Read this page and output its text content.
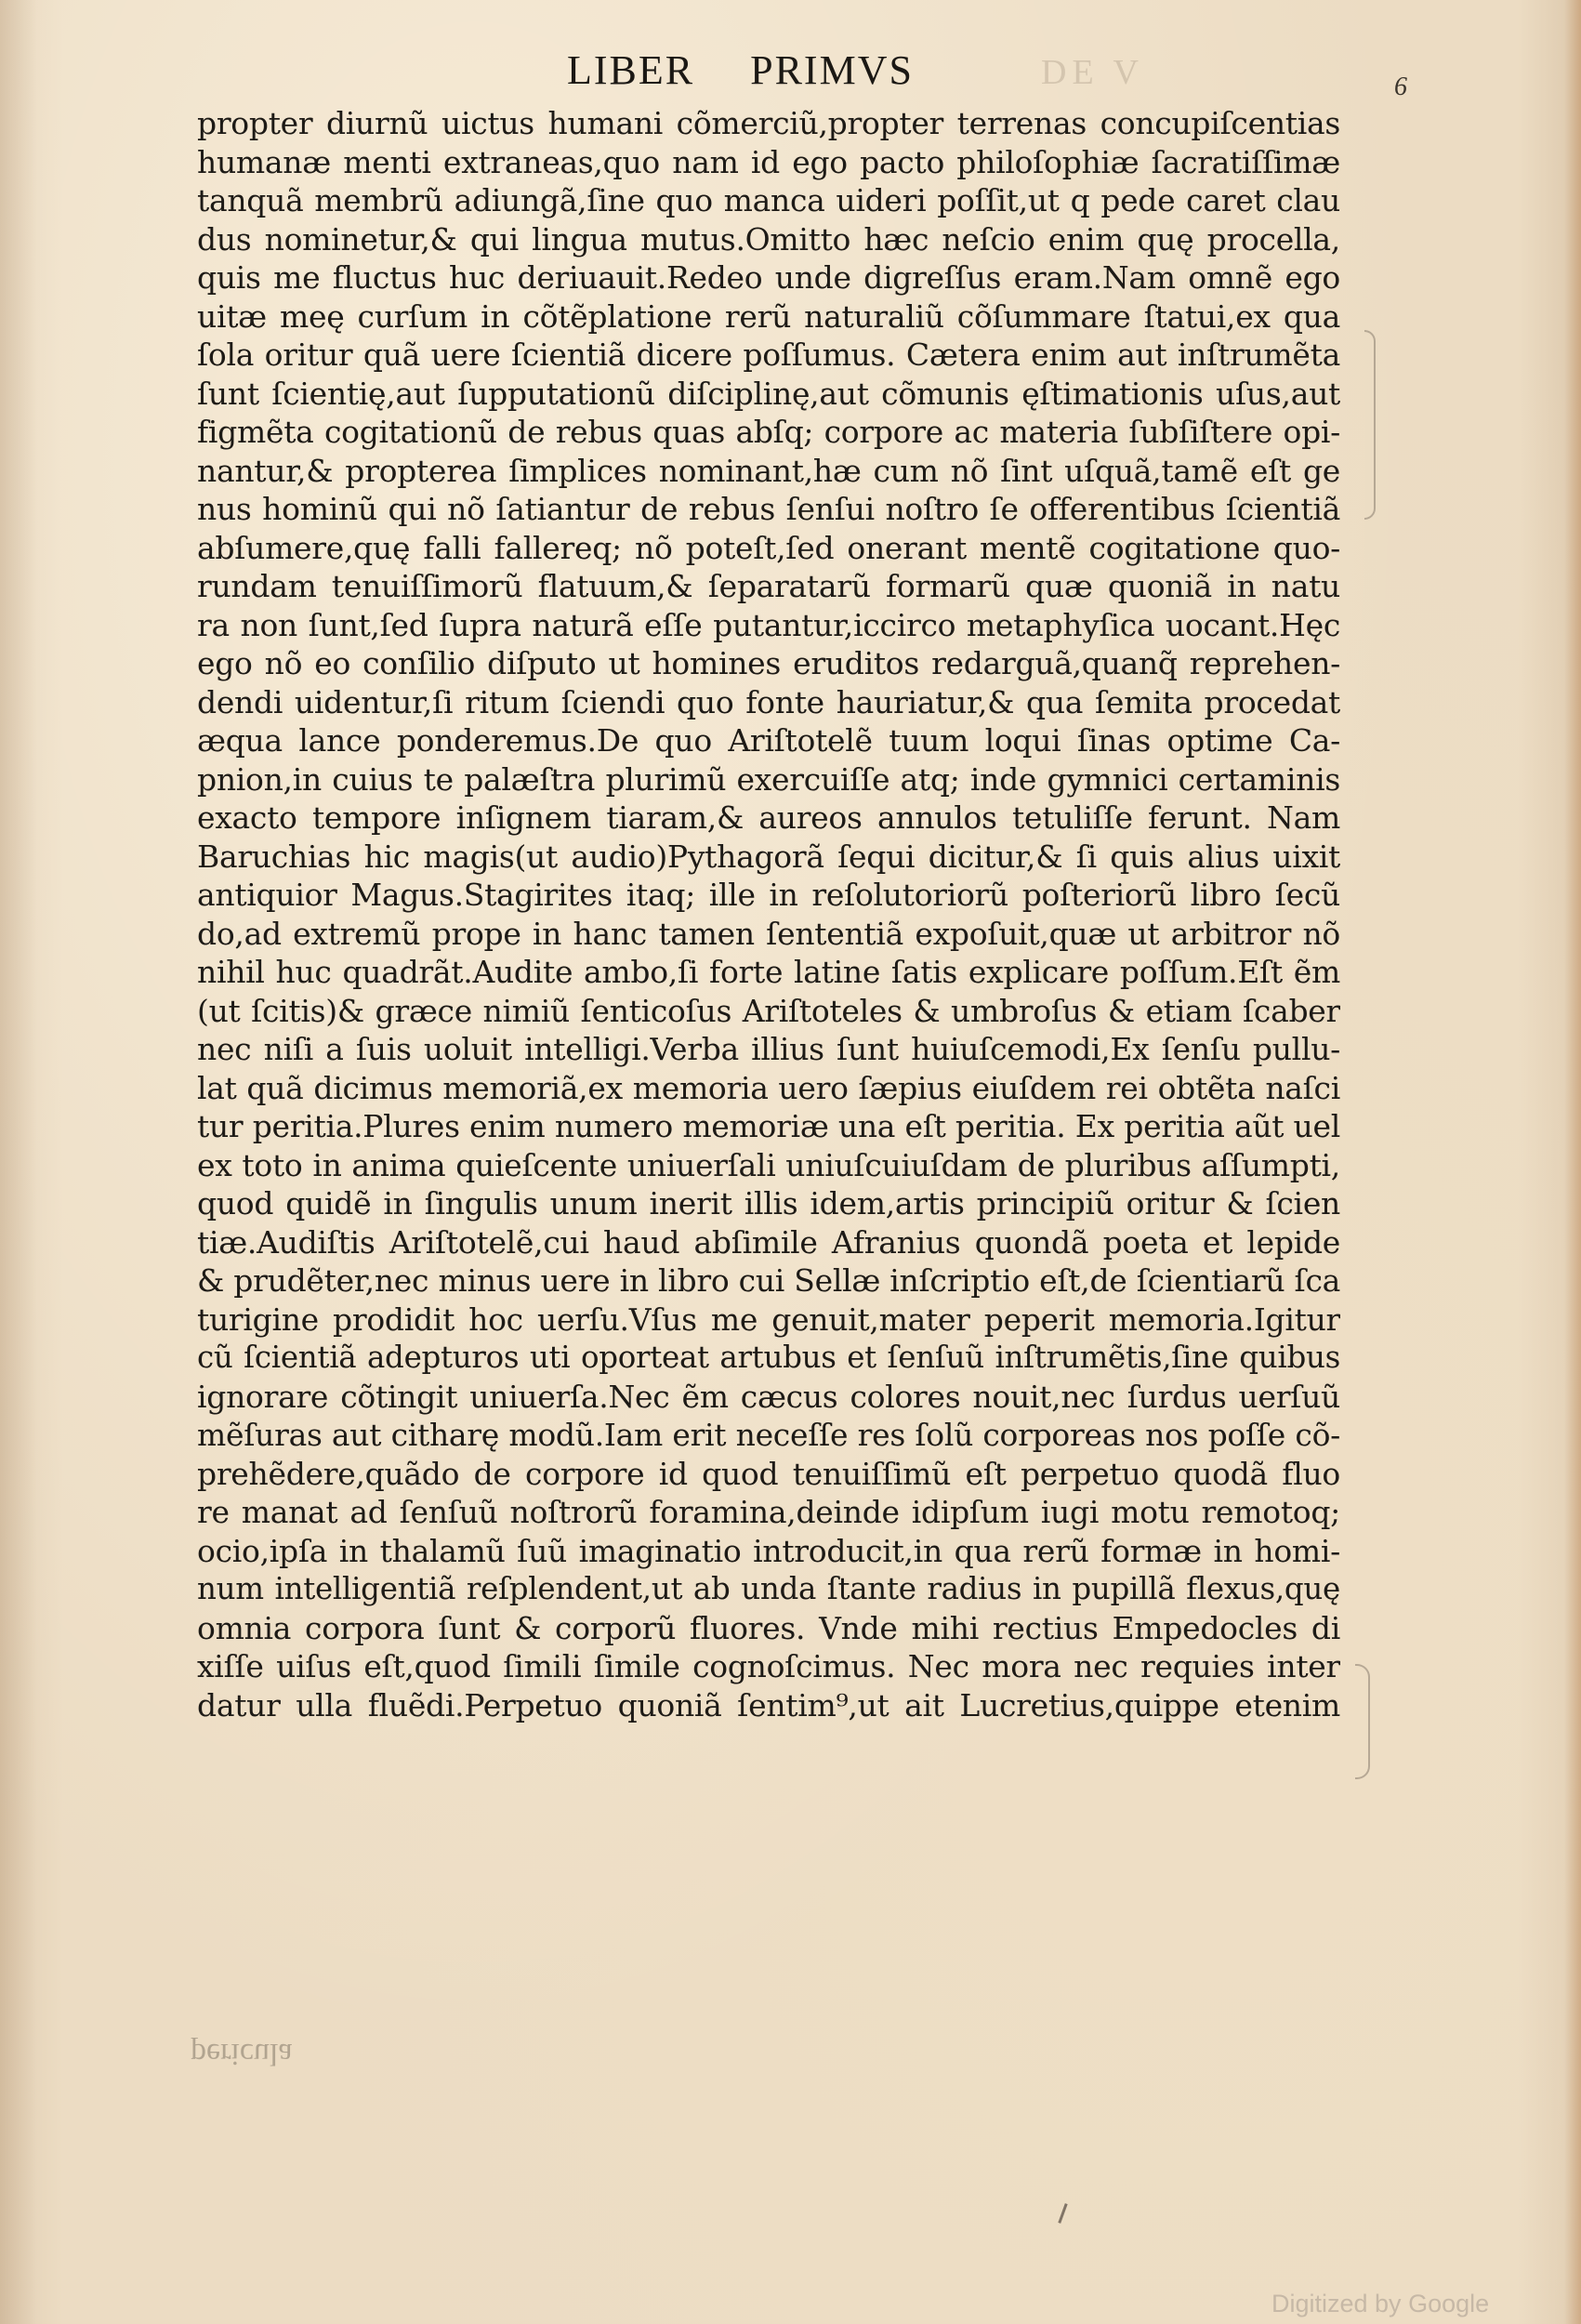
LIBER PRIMVS	DE V	6
propter diurnũ uictus humani cõmerciũ,propter terrenas concupiſcentias
humanæ menti extraneas,quo nam id ego pacto philoſophiæ ſacratiſſimæ
tanquã membrũ adiungã,ſine quo manca uideri poſſit,ut q pede caret clau
dus nominetur,& qui lingua mutus.Omitto hæc neſcio enim quę procella,
quis me fluctus huc deriuauit.Redeo unde digreſſus eram.Nam omnẽ ego
uitæ meę curſum in cõtẽplatione rerũ naturaliũ cõſummare ſtatui,ex qua
ſola oritur quã uere ſcientiã dicere poſſumus. Cætera enim aut inſtrumẽta
ſunt ſcientię,aut ſupputationũ diſciplinę,aut cõmunis ęſtimationis uſus,aut
figmẽta cogitationũ de rebus quas abſq; corpore ac materia ſubſiſtere opi-
nantur,& propterea ſimplices nominant,hæ cum nõ ſint uſquã,tamẽ eſt ge
nus hominũ qui nõ ſatiantur de rebus ſenſui noſtro ſe offerentibus ſcientiã
abſumere,quę falli fallereq; nõ poteſt,ſed onerant mentẽ cogitatione quo-
rundam tenuiſſimorũ flatuum,& ſeparatarũ formarũ quæ quoniã in natu
ra non ſunt,ſed ſupra naturã eſſe putantur,iccirco metaphyſica uocant.Hęc
ego nõ eo conſilio diſputo ut homines eruditos redarguã,quanq̃ reprehen-
dendi uidentur,ſi ritum ſciendi quo fonte hauriatur,& qua ſemita procedat
æqua lance ponderemus.De quo Ariſtotelẽ tuum loqui ſinas optime Ca-
pnion,in cuius te palæſtra plurimũ exercuiſſe atq; inde gymnici certaminis
exacto tempore inſignem tiaram,& aureos annulos tetuliſſe ferunt. Nam
Baruchias hic magis(ut audio)Pythagorã ſequi dicitur,& ſi quis alius uixit
antiquior Magus.Stagirites itaq; ille in reſolutoriorũ poſteriorũ libro ſecũ
do,ad extremũ prope in hanc tamen ſententiã expoſuit,quæ ut arbitror nõ
nihil huc quadrãt.Audite ambo,ſi forte latine ſatis explicare poſſum.Eſt ẽm
(ut ſcitis)& græce nimiũ ſenticoſus Ariſtoteles & umbroſus & etiam ſcaber
nec niſi a ſuis uoluit intelligi.Verba illius ſunt huiuſcemodi,Ex ſenſu pullu-
lat quã dicimus memoriã,ex memoria uero ſæpius eiuſdem rei obtẽta naſci
tur peritia.Plures enim numero memoriæ una eſt peritia. Ex peritia aũt uel
ex toto in anima quieſcente uniuerſali uniuſcuiuſdam de pluribus aſſumpti,
quod quidẽ in ſingulis unum inerit illis idem,artis principiũ oritur & ſcien
tiæ.Audiſtis Ariſtotelẽ,cui haud abſimile Afranius quondã poeta et lepide
& prudẽter,nec minus uere in libro cui Sellæ inſcriptio eſt,de ſcientiarũ ſca
turigine prodidit hoc uerſu.Vſus me genuit,mater peperit memoria.Igitur
cũ ſcientiã adepturos uti oporteat artubus et ſenſuũ inſtrumẽtis,ſine quibus
ignorare cõtingit uniuerſa.Nec ẽm cæcus colores nouit,nec ſurdus uerſuũ
mẽſuras aut citharę modũ.Iam erit neceſſe res ſolũ corporeas nos poſſe cõ-
prehẽdere,quãdo de corpore id quod tenuiſſimũ eſt perpetuo quodã fluo
re manat ad ſenſuũ noſtrorũ foramina,deinde idipſum iugi motu remotoq;
ocio,ipſa in thalamũ ſuũ imaginatio introducit,in qua rerũ formæ in homi-
num intelligentiã reſplendent,ut ab unda ſtante radius in pupillã flexus,quę
omnia corpora ſunt & corporũ fluores. Vnde mihi rectius Empedocles di
xiſſe uiſus eſt,quod ſimili ſimile cognoſcimus. Nec mora nec requies inter
datur ulla fluẽdi.Perpetuo quoniã ſentim⁹,ut ait Lucretius,quippe etenim
pericula
Digitized by Google
